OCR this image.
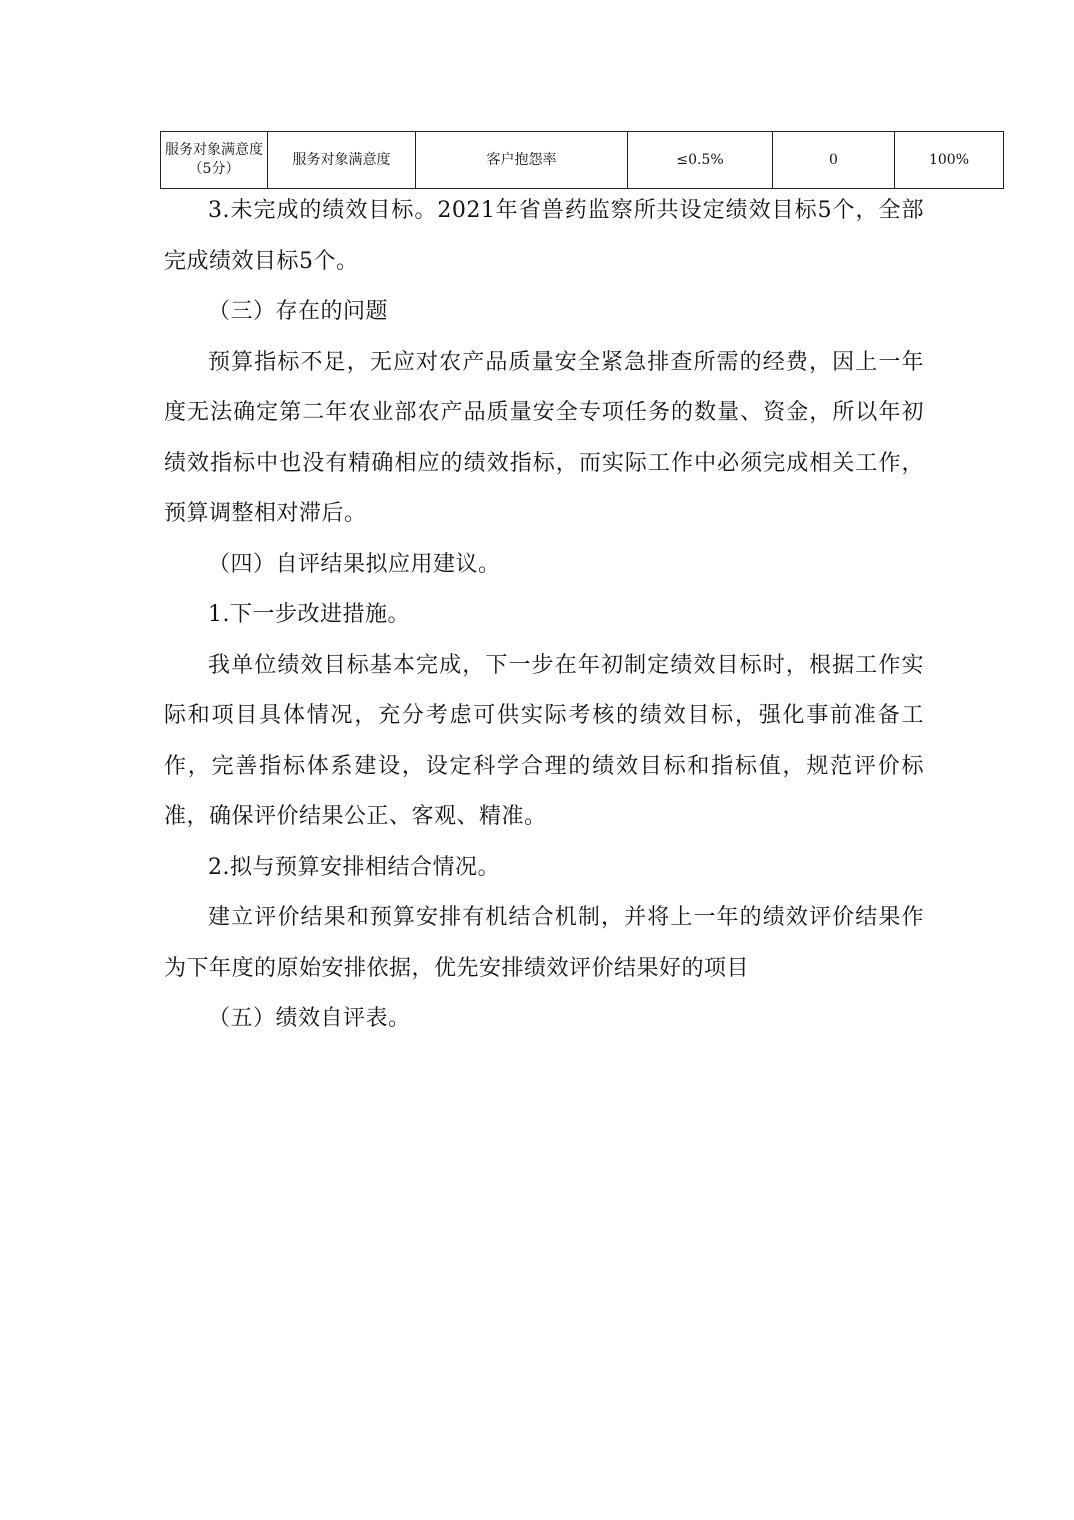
服务对象满意度（5分）	服务对象满意度	客户抱怨率	≤0.5%	0	100%

3.未完成的绩效目标。2021年省兽药监察所共设定绩效目标5个，全部完成绩效目标5个。

（三）存在的问题

预算指标不足，无应对农产品质量安全紧急排查所需的经费，因上一年度无法确定第二年农业部农产品质量安全专项任务的数量、资金，所以年初绩效指标中也没有精确相应的绩效指标，而实际工作中必须完成相关工作，预算调整相对滞后。

（四）自评结果拟应用建议。

1.下一步改进措施。

我单位绩效目标基本完成，下一步在年初制定绩效目标时，根据工作实际和项目具体情况，充分考虑可供实际考核的绩效目标，强化事前准备工作，完善指标体系建设，设定科学合理的绩效目标和指标值，规范评价标准，确保评价结果公正、客观、精准。

2.拟与预算安排相结合情况。

建立评价结果和预算安排有机结合机制，并将上一年的绩效评价结果作为下年度的原始安排依据，优先安排绩效评价结果好的项目

（五）绩效自评表。
